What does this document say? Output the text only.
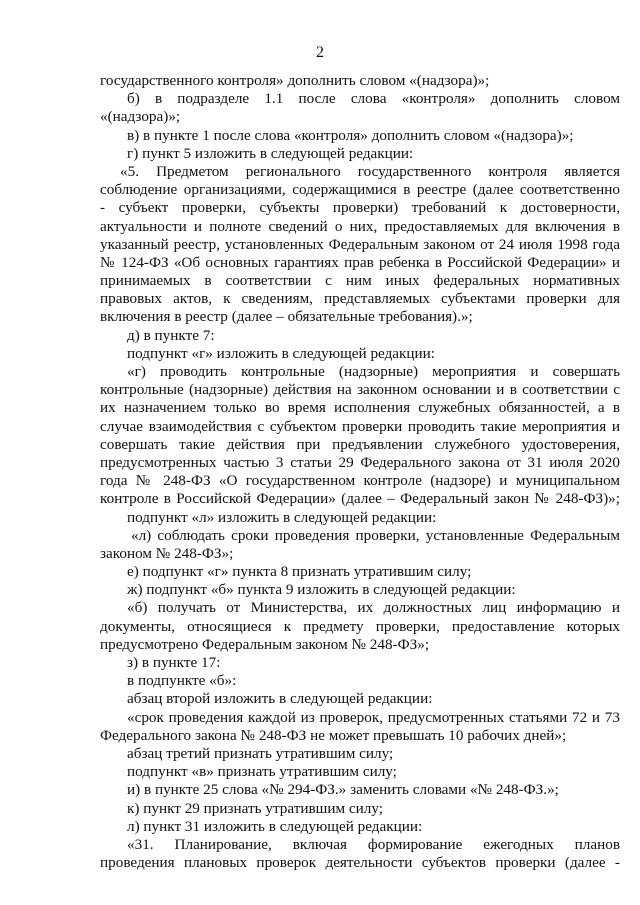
2
государственного контроля» дополнить словом «(надзора)»;
б) в подразделе 1.1 после слова «контроля» дополнить словом
«(надзора)»;
в) в пункте 1 после слова «контроля» дополнить словом «(надзора)»;
г) пункт 5 изложить в следующей редакции:
«5. Предметом регионального государственного контроля является
соблюдение организациями, содержащимися в реестре (далее соответственно
- субъект проверки, субъекты проверки) требований к достоверности,
актуальности и полноте сведений о них, предоставляемых для включения в
указанный реестр, установленных Федеральным законом от 24 июля 1998 года
№ 124-ФЗ «Об основных гарантиях прав ребенка в Российской Федерации» и
принимаемых в соответствии с ним иных федеральных нормативных
правовых актов, к сведениям, представляемых субъектами проверки для
включения в реестр (далее – обязательные требования).»;
д) в пункте 7:
подпункт «г» изложить в следующей редакции:
«г) проводить контрольные (надзорные) мероприятия и совершать
контрольные (надзорные) действия на законном основании и в соответствии с
их назначением только во время исполнения служебных обязанностей, а в
случае взаимодействия с субъектом проверки проводить такие мероприятия и
совершать такие действия при предъявлении служебного удостоверения,
предусмотренных частью 3 статьи 29 Федерального закона от 31 июля 2020
года № 248-ФЗ «О государственном контроле (надзоре) и муниципальном
контроле в Российской Федерации» (далее – Федеральный закон № 248-ФЗ)»;
подпункт «л» изложить в следующей редакции:
«л) соблюдать сроки проведения проверки, установленные Федеральным
законом № 248-ФЗ»;
е) подпункт «г» пункта 8 признать утратившим силу;
ж) подпункт «б» пункта 9 изложить в следующей редакции:
«б) получать от Министерства, их должностных лиц информацию и
документы, относящиеся к предмету проверки, предоставление которых
предусмотрено Федеральным законом № 248-ФЗ»;
з) в пункте 17:
в подпункте «б»:
абзац второй изложить в следующей редакции:
«срок проведения каждой из проверок, предусмотренных статьями 72 и 73
Федерального закона № 248-ФЗ не может превышать 10 рабочих дней»;
абзац третий признать утратившим силу;
подпункт «в» признать утратившим силу;
и) в пункте 25 слова «№ 294-ФЗ.» заменить словами «№ 248-ФЗ.»;
к) пункт 29 признать утратившим силу;
л) пункт 31 изложить в следующей редакции:
«31. Планирование, включая формирование ежегодных планов
проведения плановых проверок деятельности субъектов проверки (далее -
